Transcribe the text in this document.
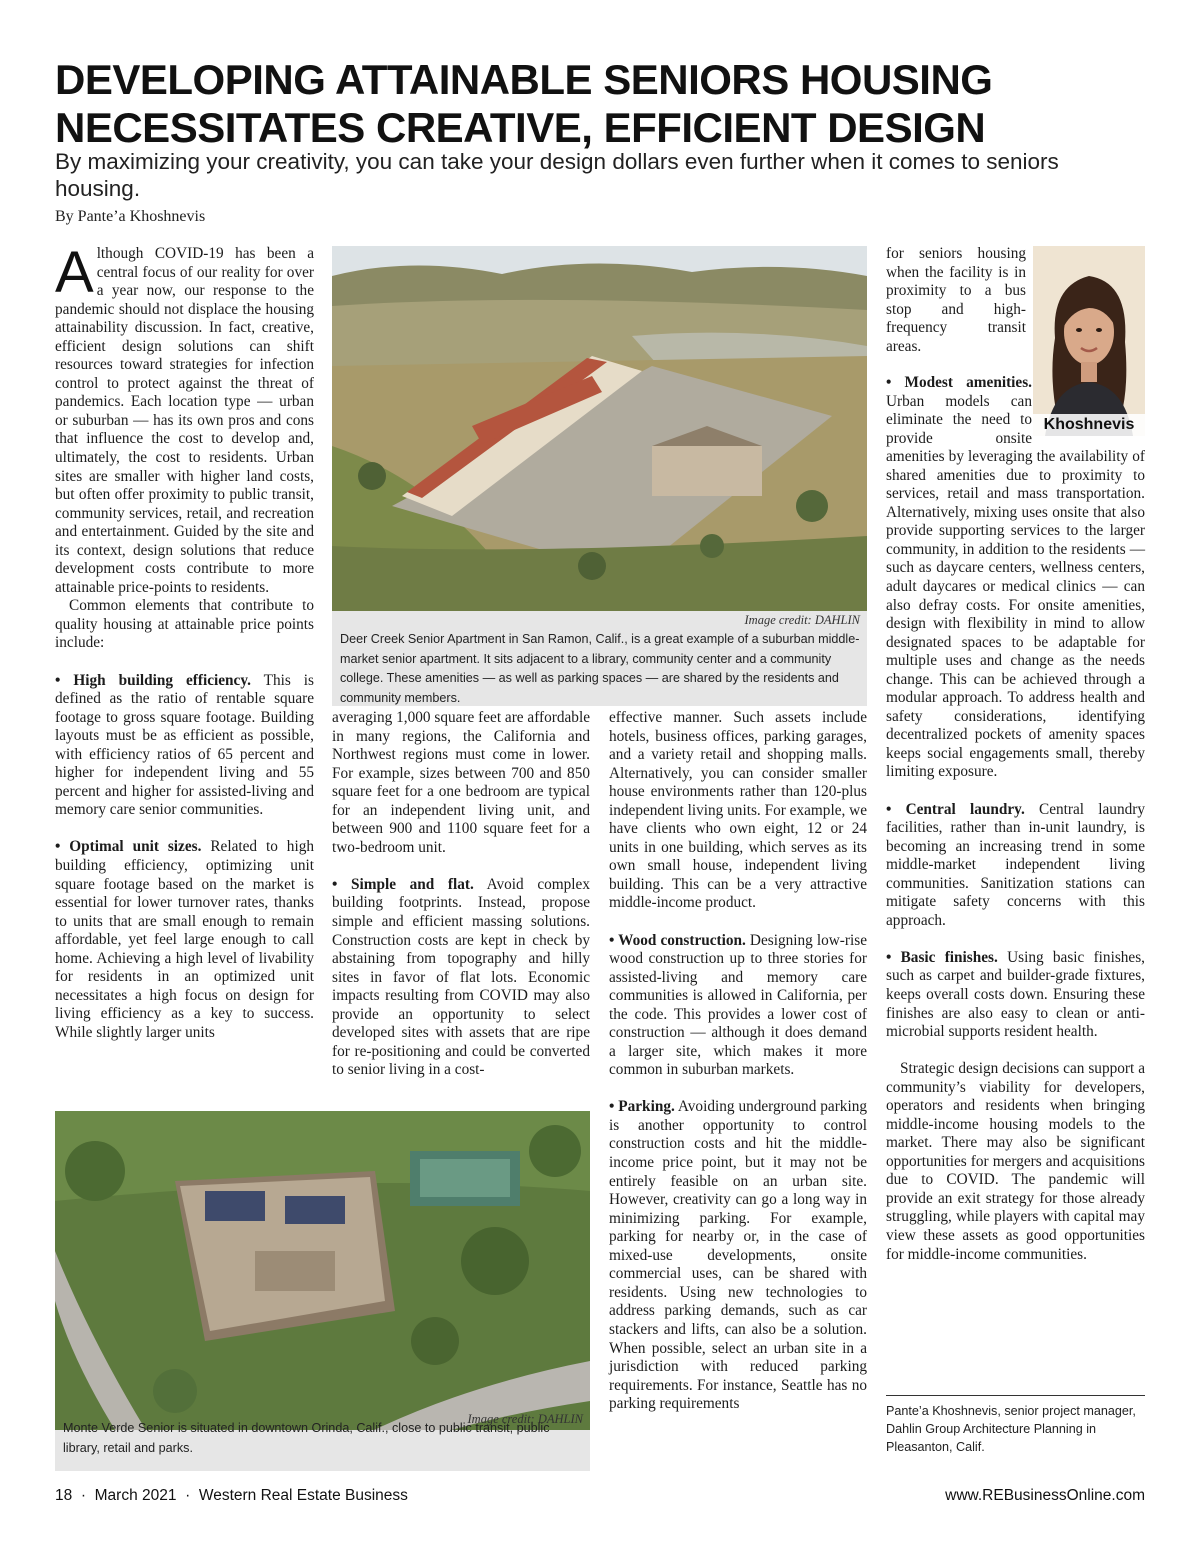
DEVELOPING ATTAINABLE SENIORS HOUSING
NECESSITATES CREATIVE, EFFICIENT DESIGN

By maximizing your creativity, you can take your design dollars even further when it comes to seniors housing.

By Pante’a Khoshnevis

Although COVID-19 has been a central focus of our reality for over a year now, our response to the pandemic should not displace the housing attainability discussion. In fact, creative, efficient design solutions can shift resources toward strategies for infection control to protect against the threat of pandemics. Each location type — urban or suburban — has its own pros and cons that influence the cost to develop and, ultimately, the cost to residents. Urban sites are smaller with higher land costs, but often offer proximity to public transit, community services, retail, and recreation and entertainment. Guided by the site and its context, design solutions that reduce development costs contribute to more attainable price-points to residents.

Common elements that contribute to quality housing at attainable price points include:

• High building efficiency. This is defined as the ratio of rentable square footage to gross square footage. Building layouts must be as efficient as possible, with efficiency ratios of 65 percent and higher for independent living and 55 percent and higher for assisted-living and memory care senior communities.

• Optimal unit sizes. Related to high building efficiency, optimizing unit square footage based on the market is essential for lower turnover rates, thanks to units that are small enough to remain affordable, yet feel large enough to call home. Achieving a high level of livability for residents in an optimized unit necessitates a high focus on design for living efficiency as a key to success. While slightly larger units

averaging 1,000 square feet are affordable in many regions, the California and Northwest regions must come in lower. For example, sizes between 700 and 850 square feet for a one bedroom are typical for an independent living unit, and between 900 and 1100 square feet for a two-bedroom unit.

• Simple and flat. Avoid complex building footprints. Instead, propose simple and efficient massing solutions. Construction costs are kept in check by abstaining from topography and hilly sites in favor of flat lots. Economic impacts resulting from COVID may also provide an opportunity to select developed sites with assets that are ripe for re-positioning and could be converted to senior living in a cost-

effective manner. Such assets include hotels, business offices, parking garages, and a variety retail and shopping malls. Alternatively, you can consider smaller house environments rather than 120-plus independent living units. For example, we have clients who own eight, 12 or 24 units in one building, which serves as its own small house, independent living building. This can be a very attractive middle-income product.

• Wood construction. Designing low-rise wood construction up to three stories for assisted-living and memory care communities is allowed in California, per the code. This provides a lower cost of construction — although it does demand a larger site, which makes it more common in suburban markets.

• Parking. Avoiding underground parking is another opportunity to control construction costs and hit the middle-income price point, but it may not be entirely feasible on an urban site. However, creativity can go a long way in minimizing parking. For example, parking for nearby or, in the case of mixed-use developments, onsite commercial uses, can be shared with residents. Using new technologies to address parking demands, such as car stackers and lifts, can also be a solution. When possible, select an urban site in a jurisdiction with reduced parking requirements. For instance, Seattle has no parking requirements

for seniors housing when the facility is in proximity to a bus stop and high-frequency transit areas.

• Modest amenities. Urban models can eliminate the need to provide onsite amenities by leveraging the availability of shared amenities due to proximity to services, retail and mass transportation. Alternatively, mixing uses onsite that also provide supporting services to the larger community, in addition to the residents — such as daycare centers, wellness centers, adult daycares or medical clinics — can also defray costs. For onsite amenities, design with flexibility in mind to allow designated spaces to be adaptable for multiple uses and change as the needs change. This can be achieved through a modular approach. To address health and safety considerations, identifying decentralized pockets of amenity spaces keeps social engagements small, thereby limiting exposure.

• Central laundry. Central laundry facilities, rather than in-unit laundry, is becoming an increasing trend in some middle-market independent living communities. Sanitization stations can mitigate safety concerns with this approach.

• Basic finishes. Using basic finishes, such as carpet and builder-grade fixtures, keeps overall costs down. Ensuring these finishes are also easy to clean or anti-microbial supports resident health.

Strategic design decisions can support a community’s viability for developers, operators and residents when bringing middle-income housing models to the market. There may also be significant opportunities for mergers and acquisitions due to COVID. The pandemic will provide an exit strategy for those already struggling, while players with capital may view these assets as good opportunities for middle-income communities.

Khoshnevis
Image credit: DAHLIN
Deer Creek Senior Apartment in San Ramon, Calif., is a great example of a suburban middle-market senior apartment. It sits adjacent to a library, community center and a community college. These amenities — as well as parking spaces — are shared by the residents and community members.
Image credit: DAHLIN
Monte Verde Senior is situated in downtown Orinda, Calif., close to public transit, public library, retail and parks.
Pante’a Khoshnevis, senior project manager, Dahlin Group Architecture Planning in Pleasanton, Calif.
18  ·  March 2021  ·  Western Real Estate Business	www.REBusinessOnline.com
